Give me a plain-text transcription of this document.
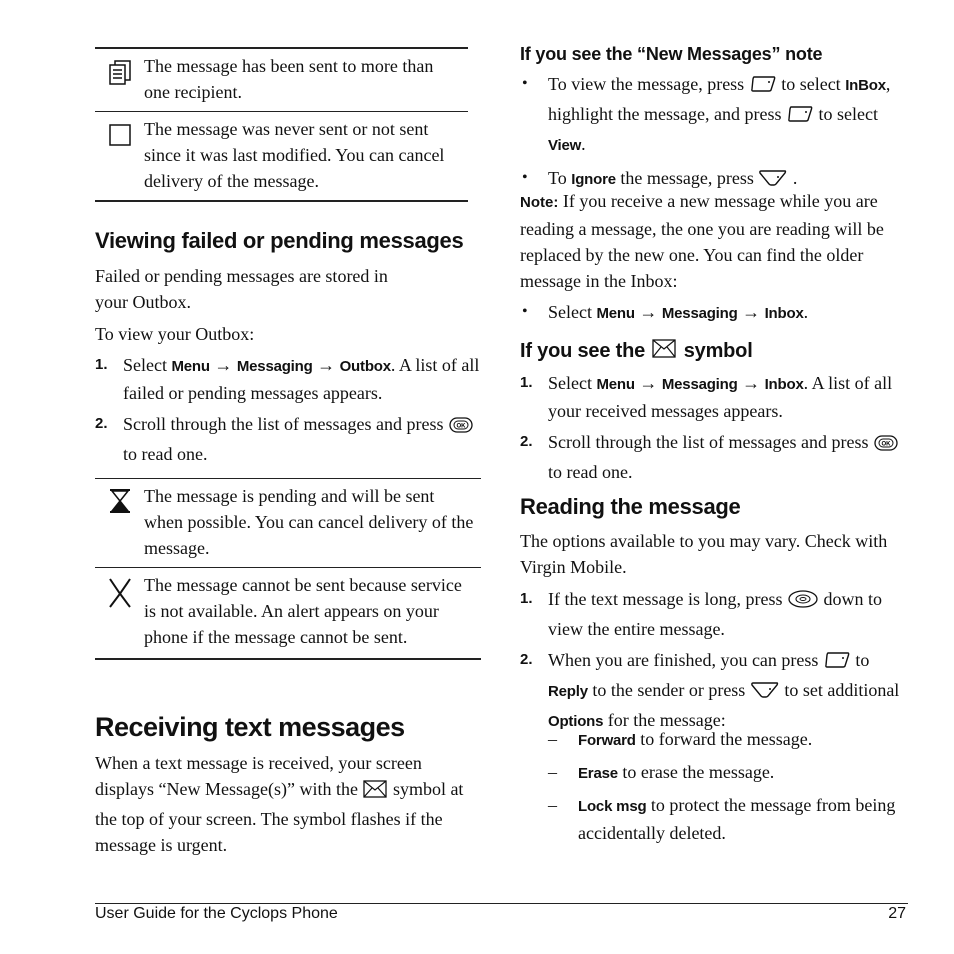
The message has been sent to more than one recipient.
The message was never sent or not sent since it was last modified. You can cancel delivery of the message.
Viewing failed or pending messages

Failed or pending messages are stored in your Outbox.

To view your Outbox:

1. Select Menu → Messaging → Outbox. A list of all failed or pending messages appears.
2. Scroll through the list of messages and press OK
to read one.
The message is pending and will be sent when possible. You can cancel delivery of the message.
The message cannot be sent because service is not available. An alert appears on your phone if the message cannot be sent.
Receiving text messages

When a text message is received, your screen displays “New Message(s)” with the  symbol at the top of your screen. The symbol flashes if the message is urgent.

If you see the “New Messages” note
• To view the message, press  to select InBox, highlight the message, and press  to select View.
• To Ignore the message, press  .

Note: If you receive a new message while you are reading a message, the one you are reading will be replaced by the new one. You can find the older message in the Inbox:

• Select Menu → Messaging → Inbox.
If you see the  symbol
1. Select Menu → Messaging → Inbox. A list of all your received messages appears.
2. Scroll through the list of messages and press OK
to read one.
Reading the message

The options available to you may vary. Check with Virgin Mobile.

1. If the text message is long, press  down to view the entire message.
2. When you are finished, you can press  to Reply to the sender or press  to set additional Options for the message:
– Forward to forward the message.
– Erase to erase the message.
– Lock msg to protect the message from being accidentally deleted.
User Guide for the Cyclops Phone	27
